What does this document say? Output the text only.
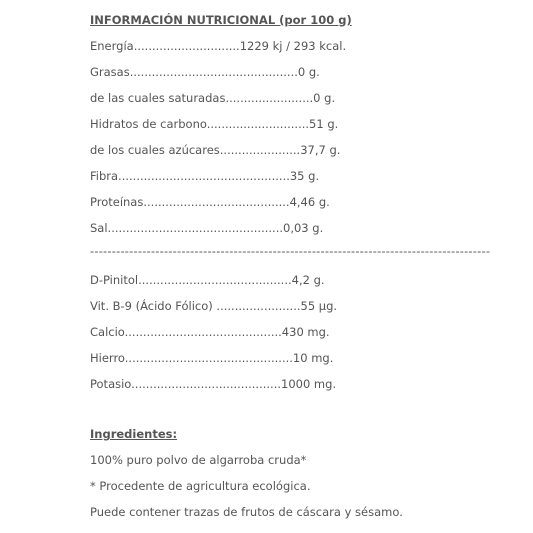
INFORMACIÓN NUTRICIONAL (por 100 g)
Energía.............................1229 kj / 293 kcal.
Grasas..............................................0 g.
de las cuales saturadas........................0 g.
Hidratos de carbono............................51 g.
de los cuales azúcares......................37,7 g.
Fibra...............................................35 g.
Proteínas........................................4,46 g.
Sal................................................0,03 g.
--------------------------------------------------------------------------------------------
D-Pinitol..........................................4,2 g.
Vit. B-9 (Ácido Fólico) .......................55 µg.
Calcio...........................................430 mg.
Hierro..............................................10 mg.
Potasio.........................................1000 mg.
Ingredientes:
100% puro polvo de algarroba cruda*
* Procedente de agricultura ecológica.
Puede contener trazas de frutos de cáscara y sésamo.
